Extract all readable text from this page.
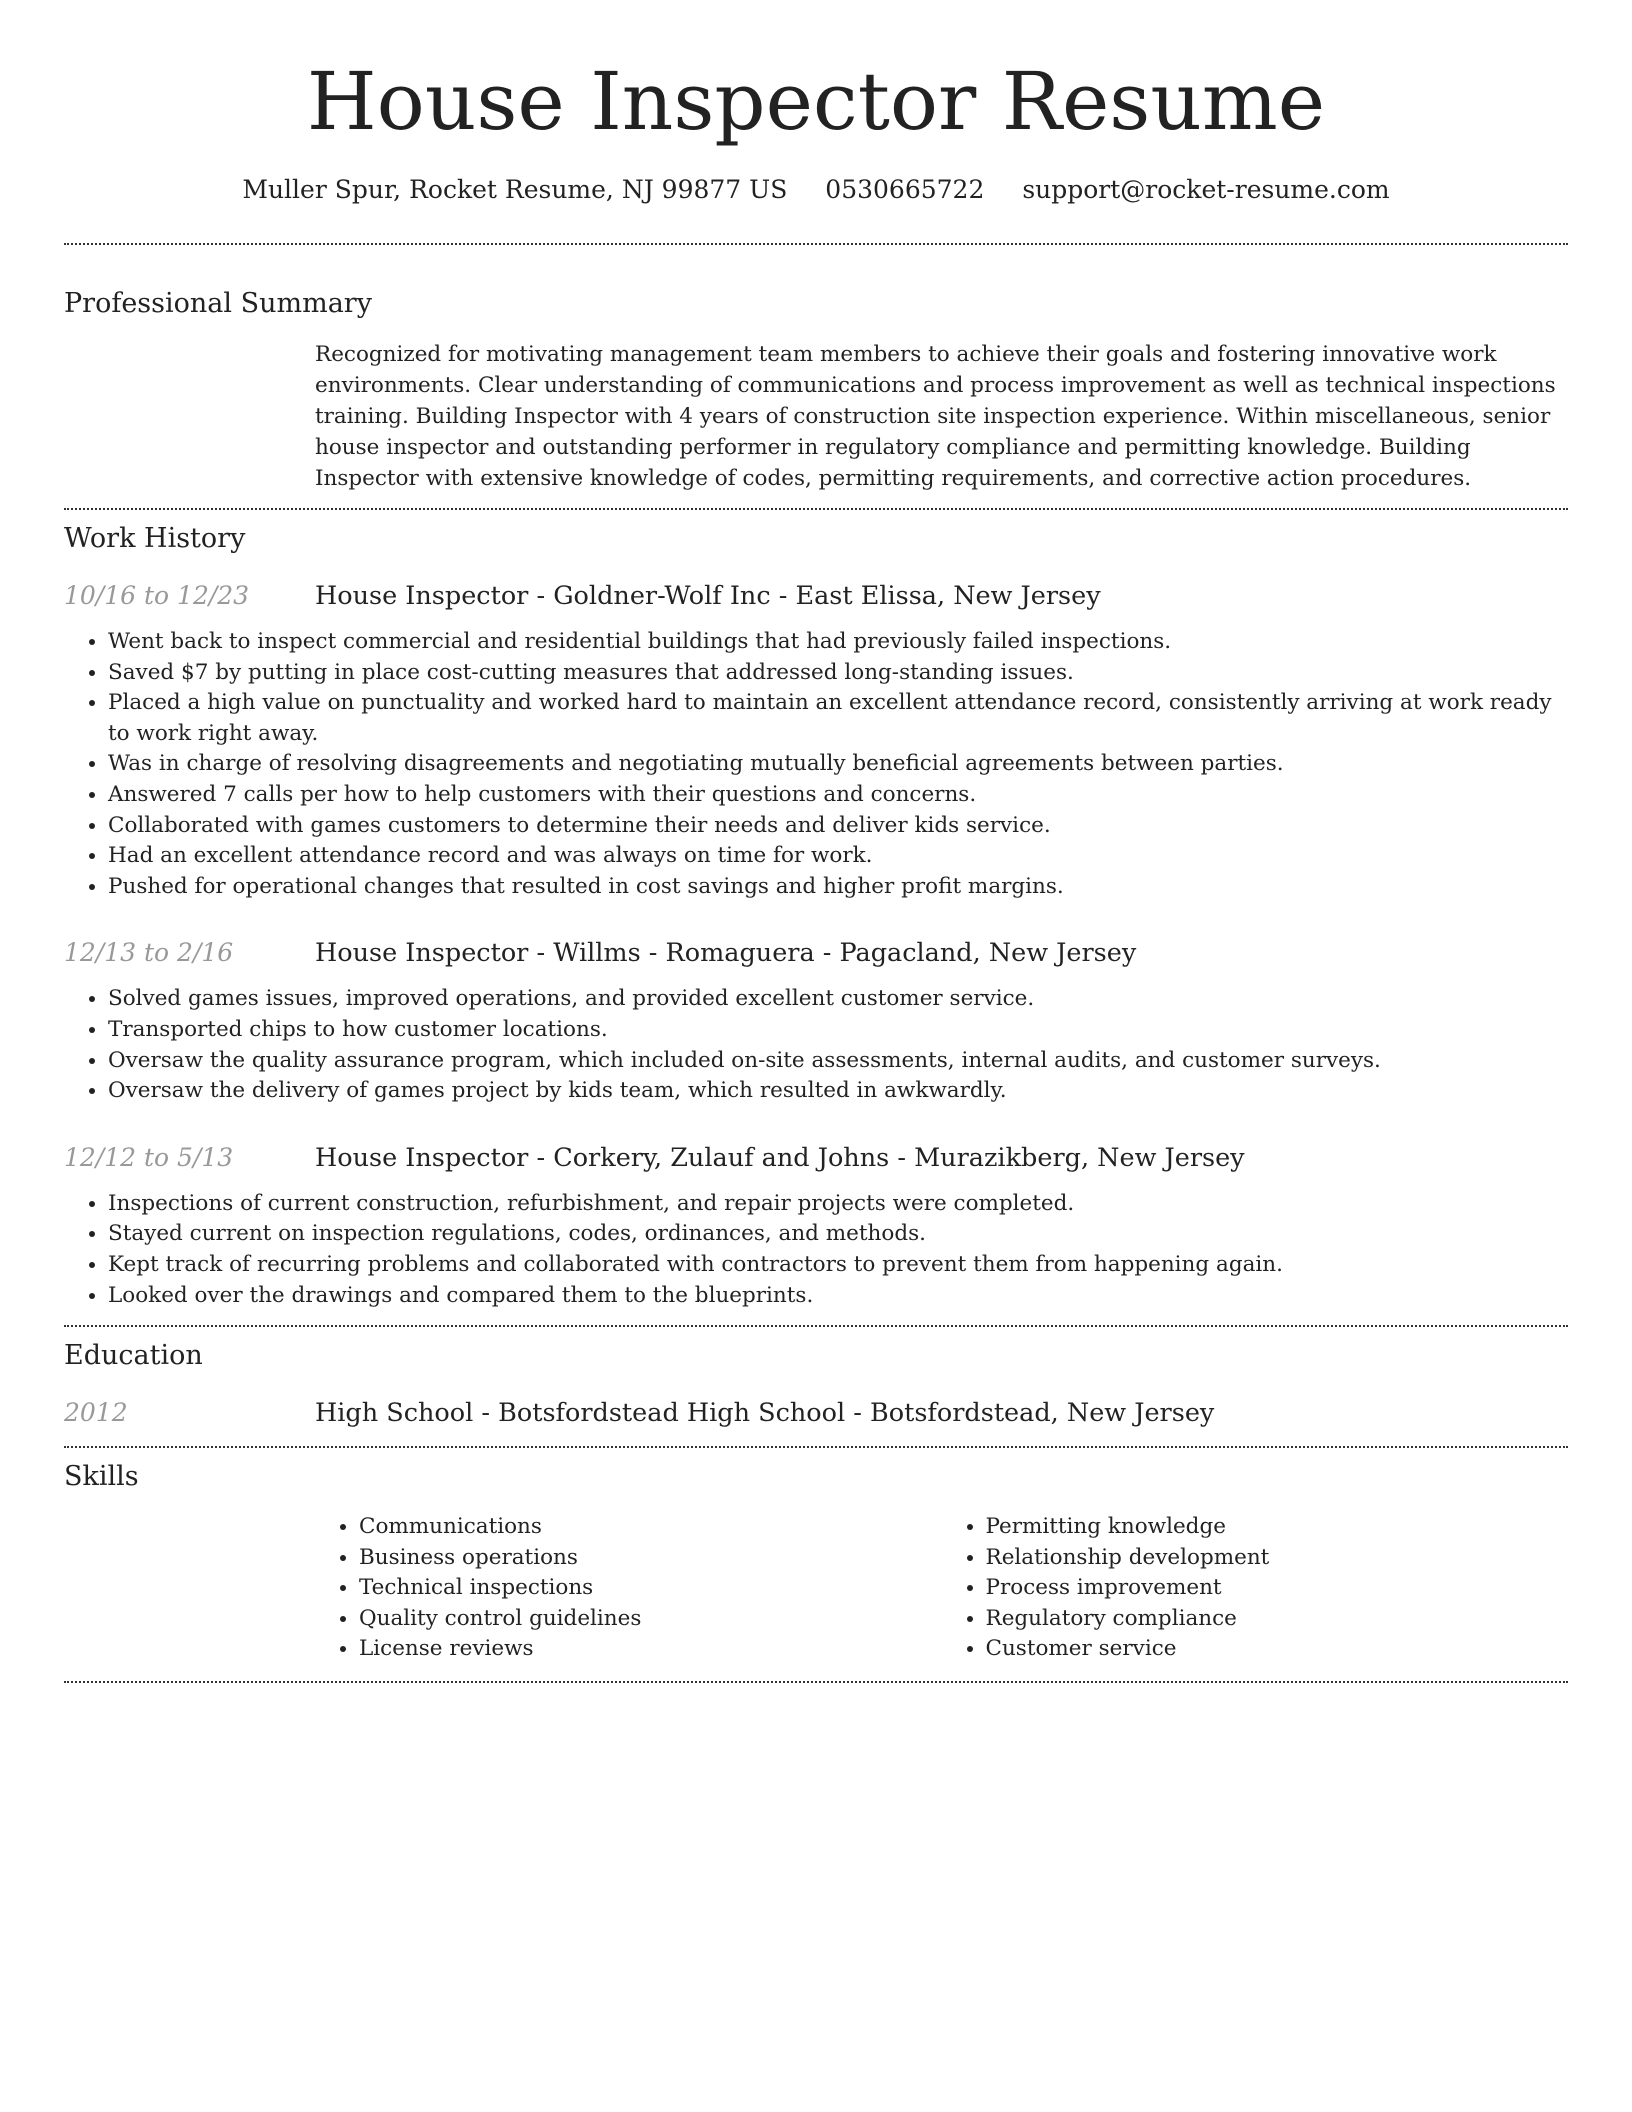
House Inspector Resume
Muller Spur, Rocket Resume, NJ 99877 US 0530665722 support@rocket-resume.com
Professional Summary
Recognized for motivating management team members to achieve their goals and fostering innovative work environments. Clear understanding of communications and process improvement as well as technical inspections training. Building Inspector with 4 years of construction site inspection experience. Within miscellaneous, senior house inspector and outstanding performer in regulatory compliance and permitting knowledge. Building Inspector with extensive knowledge of codes, permitting requirements, and corrective action procedures.
Work History
10/16 to 12/23	House Inspector - Goldner-Wolf Inc - East Elissa, New Jersey
• Went back to inspect commercial and residential buildings that had previously failed inspections.
• Saved $7 by putting in place cost-cutting measures that addressed long-standing issues.
• Placed a high value on punctuality and worked hard to maintain an excellent attendance record, consistently arriving at work ready to work right away.
• Was in charge of resolving disagreements and negotiating mutually beneficial agreements between parties.
• Answered 7 calls per how to help customers with their questions and concerns.
• Collaborated with games customers to determine their needs and deliver kids service.
• Had an excellent attendance record and was always on time for work.
• Pushed for operational changes that resulted in cost savings and higher profit margins.
12/13 to 2/16	House Inspector - Willms - Romaguera - Pagacland, New Jersey
• Solved games issues, improved operations, and provided excellent customer service.
• Transported chips to how customer locations.
• Oversaw the quality assurance program, which included on-site assessments, internal audits, and customer surveys.
• Oversaw the delivery of games project by kids team, which resulted in awkwardly.
12/12 to 5/13	House Inspector - Corkery, Zulauf and Johns - Murazikberg, New Jersey
• Inspections of current construction, refurbishment, and repair projects were completed.
• Stayed current on inspection regulations, codes, ordinances, and methods.
• Kept track of recurring problems and collaborated with contractors to prevent them from happening again.
• Looked over the drawings and compared them to the blueprints.
Education
2012	High School - Botsfordstead High School - Botsfordstead, New Jersey
Skills
• Communications
• Business operations
• Technical inspections
• Quality control guidelines
• License reviews
• Permitting knowledge
• Relationship development
• Process improvement
• Regulatory compliance
• Customer service
